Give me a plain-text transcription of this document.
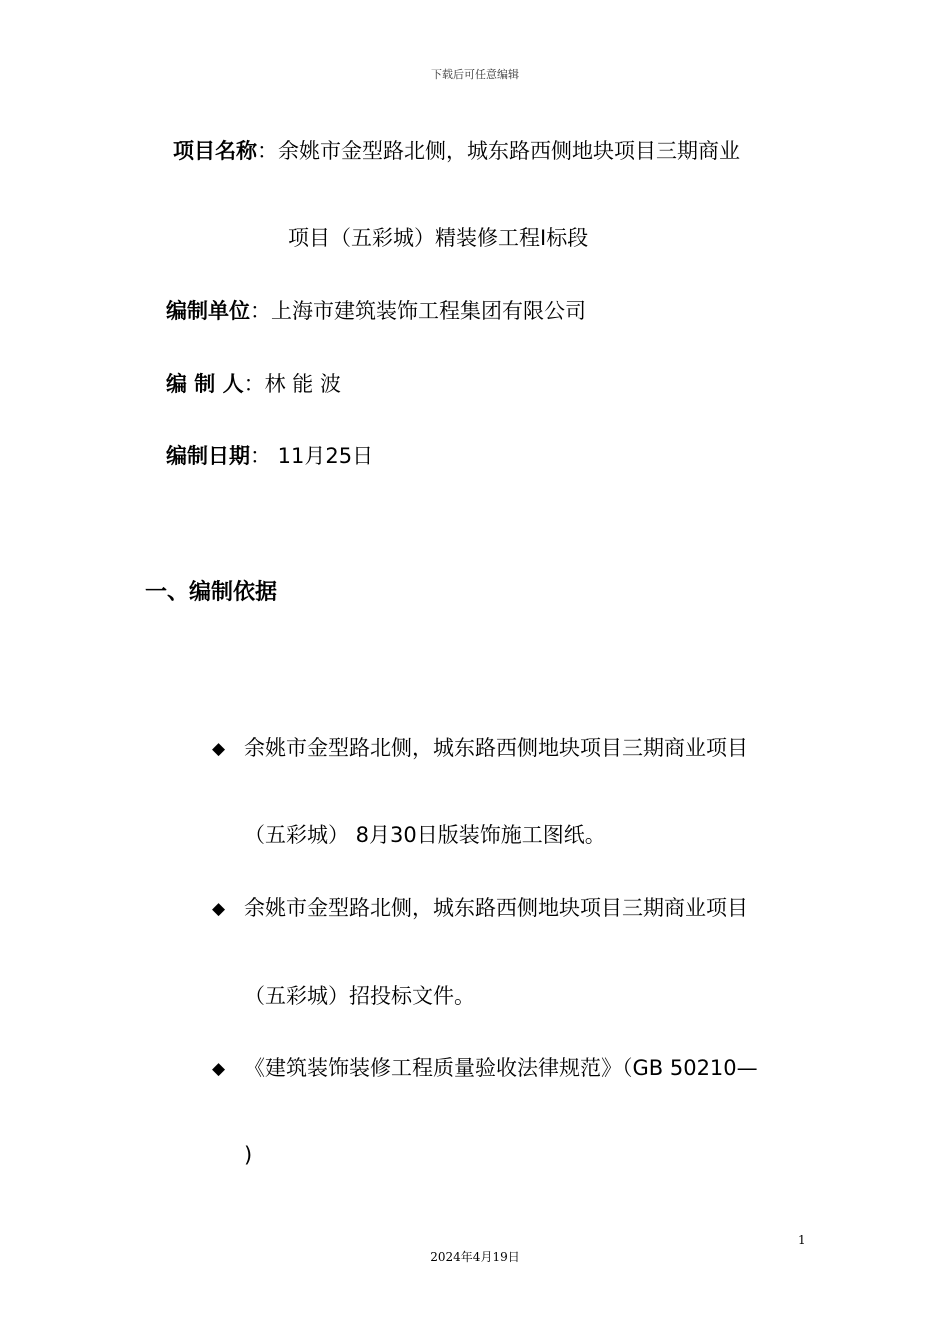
下载后可任意编辑
项目名称：余姚市金型路北侧，城东路西侧地块项目三期商业
项目（五彩城）精装修工程Ⅰ标段
编制单位：上海市建筑装饰工程集团有限公司
编 制 人：林 能 波
编制日期： 11月25日
一、编制依据
◆ 余姚市金型路北侧，城东路西侧地块项目三期商业项目
（五彩城） 8月30日版装饰施工图纸。
◆ 余姚市金型路北侧，城东路西侧地块项目三期商业项目
（五彩城）招投标文件。
◆ 《建筑装饰装修工程质量验收法律规范》（GB 50210—
)
1
2024年4月19日
